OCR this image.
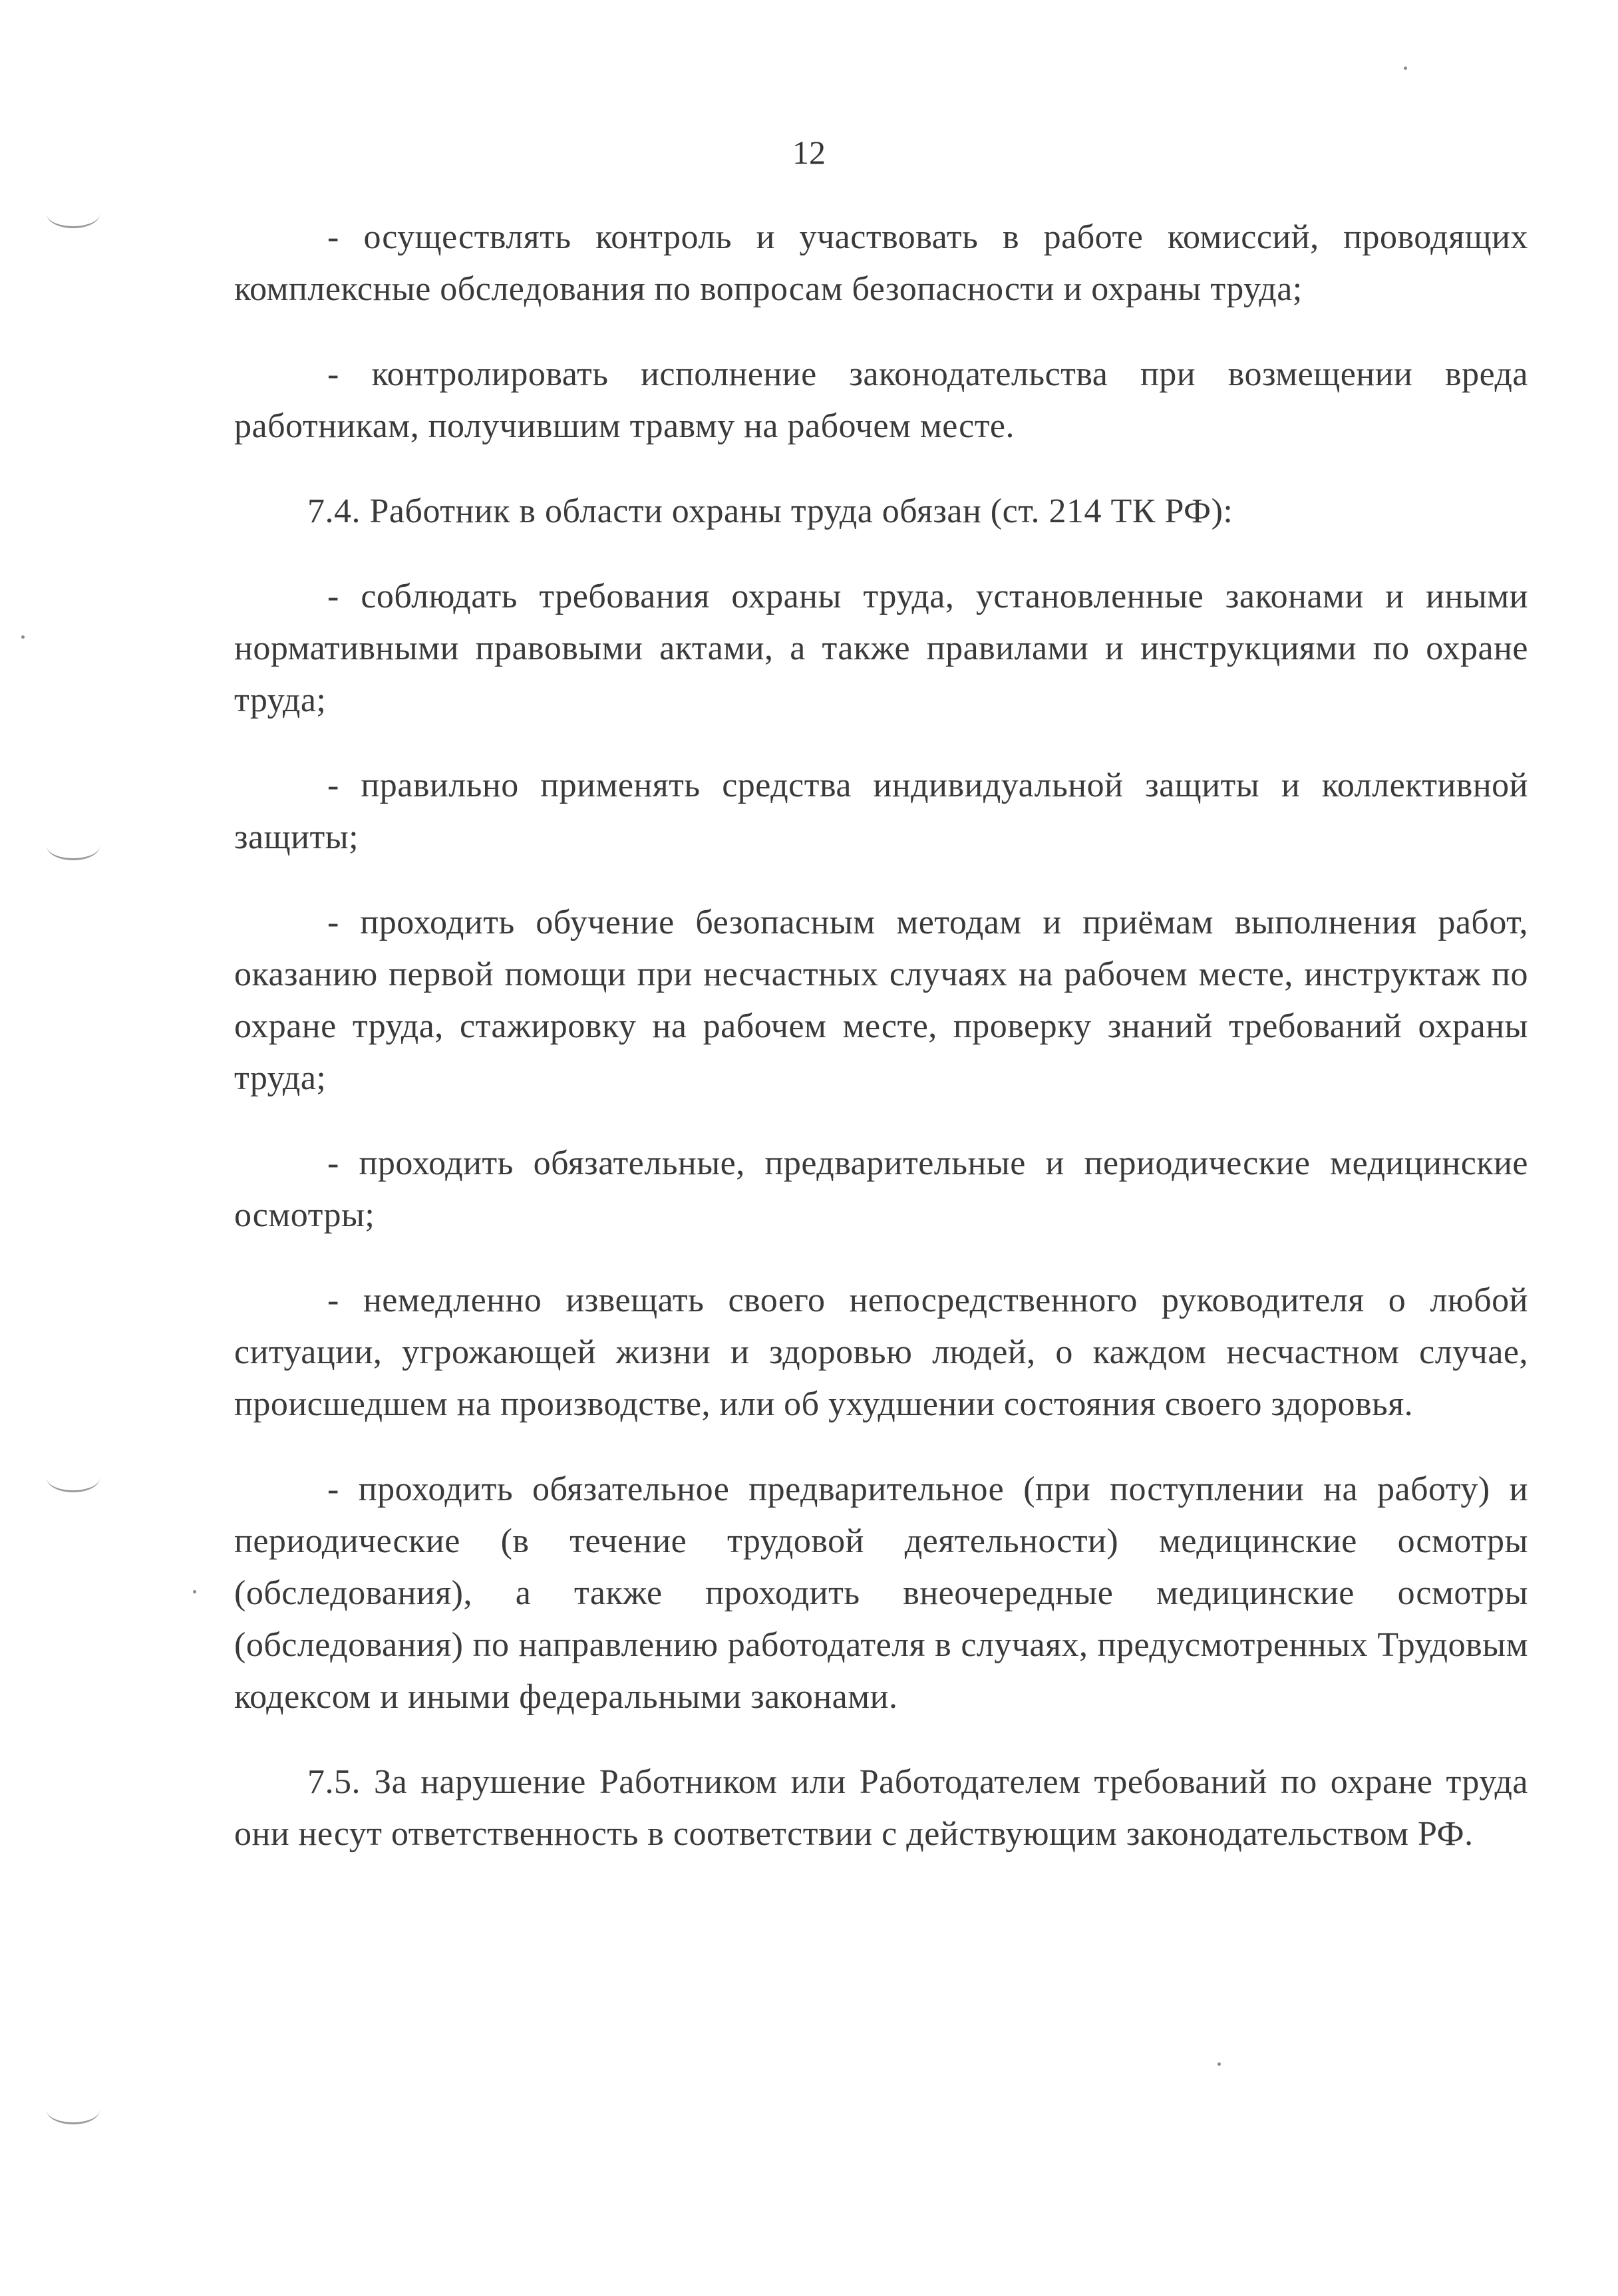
12

- осуществлять контроль и участвовать в работе комиссий, проводящих комплексные обследования по вопросам безопасности и охраны труда;

- контролировать исполнение законодательства при возмещении вреда работникам, получившим травму на рабочем месте.

7.4. Работник в области охраны труда обязан (ст. 214 ТК РФ):

- соблюдать требования охраны труда, установленные законами и иными нормативными правовыми актами, а также правилами и инструкциями по охране труда;

- правильно применять средства индивидуальной защиты и коллективной защиты;

- проходить обучение безопасным методам и приёмам выполнения работ, оказанию первой помощи при несчастных случаях на рабочем месте, инструктаж по охране труда, стажировку на рабочем месте, проверку знаний требований охраны труда;

- проходить обязательные, предварительные и периодические медицинские осмотры;

- немедленно извещать своего непосредственного руководителя о любой ситуации, угрожающей жизни и здоровью людей, о каждом несчастном случае, происшедшем на производстве, или об ухудшении состояния своего здоровья.

- проходить обязательное предварительное (при поступлении на работу) и периодические (в течение трудовой деятельности) медицинские осмотры (обследования), а также проходить внеочередные медицинские осмотры (обследования) по направлению работодателя в случаях, предусмотренных Трудовым кодексом и иными федеральными законами.

7.5. За нарушение Работником или Работодателем требований по охране труда они несут ответственность в соответствии с действующим законодательством РФ.
